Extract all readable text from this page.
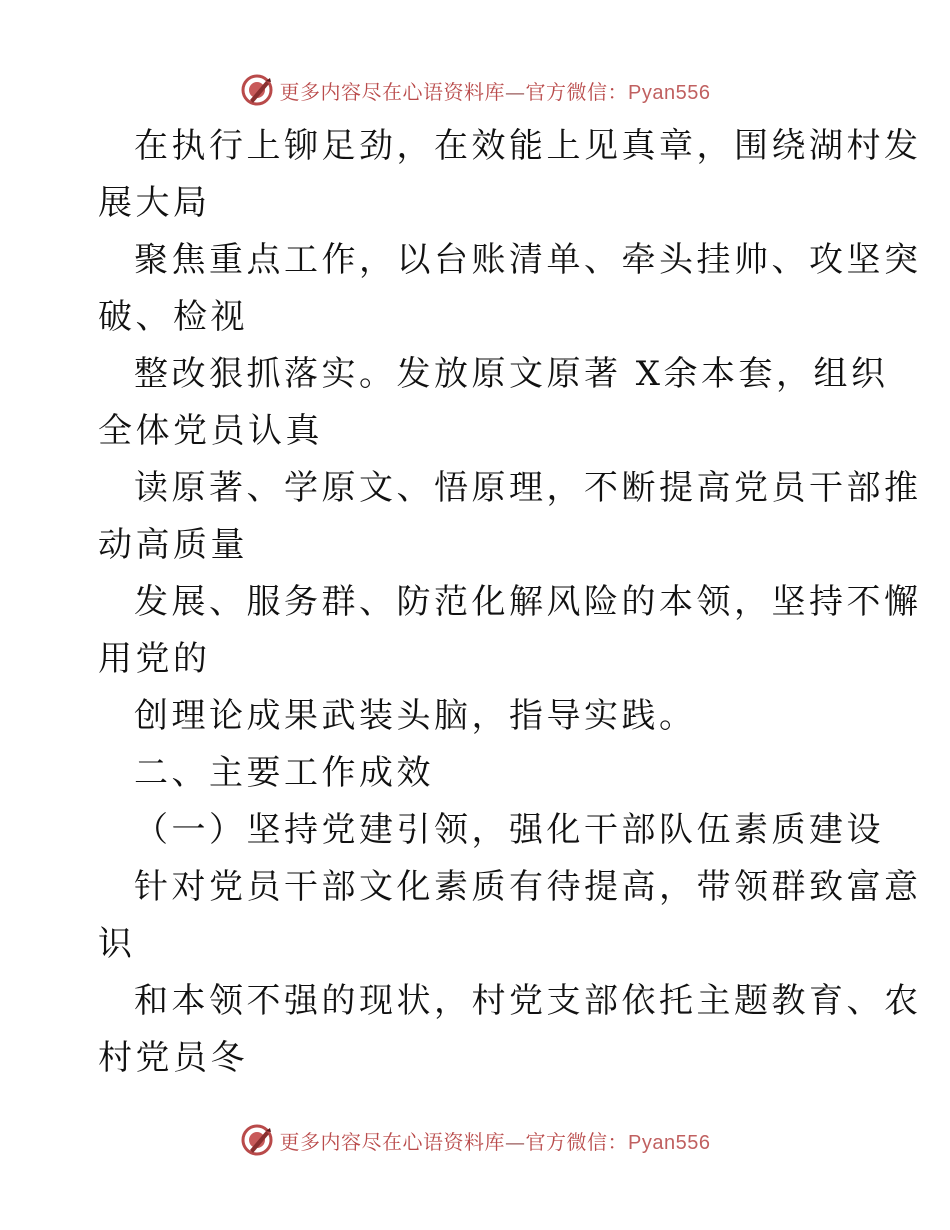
更多内容尽在心语资料库—官方微信：Pyan556
在执行上铆足劲，在效能上见真章，围绕湖村发
展大局
聚焦重点工作，以台账清单、牵头挂帅、攻坚突
破、检视
整改狠抓落实。发放原文原著 X余本套，组织
全体党员认真
读原著、学原文、悟原理，不断提高党员干部推
动高质量
发展、服务群、防范化解风险的本领，坚持不懈
用党的
创理论成果武装头脑，指导实践。
二、主要工作成效
（一）坚持党建引领，强化干部队伍素质建设
针对党员干部文化素质有待提高，带领群致富意
识
和本领不强的现状，村党支部依托主题教育、农
村党员冬
更多内容尽在心语资料库—官方微信：Pyan556
